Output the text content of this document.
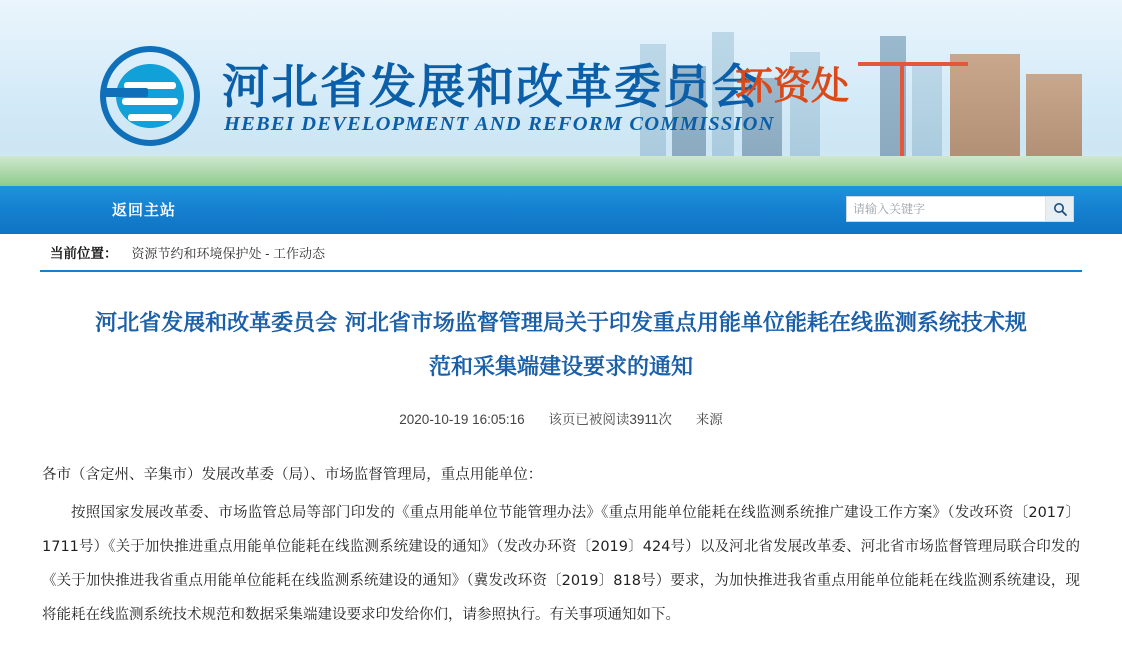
河北省发展和改革委员会
环资处
HEBEI DEVELOPMENT AND REFORM COMMISSION
返回主站
请输入关键字
当前位置： 资源节约和环境保护处 - 工作动态
河北省发展和改革委员会 河北省市场监督管理局关于印发重点用能单位能耗在线监测系统技术规范和采集端建设要求的通知
2020-10-19 16:05:16 该页已被阅读3911次 来源

各市（含定州、辛集市）发展改革委（局）、市场监督管理局，重点用能单位：

按照国家发展改革委、市场监管总局等部门印发的《重点用能单位节能管理办法》《重点用能单位能耗在线监测系统推广建设工作方案》（发改环资〔2017〕1711号）《关于加快推进重点用能单位能耗在线监测系统建设的通知》（发改办环资〔2019〕424号）以及河北省发展改革委、河北省市场监督管理局联合印发的《关于加快推进我省重点用能单位能耗在线监测系统建设的通知》（冀发改环资〔2019〕818号）要求，为加快推进我省重点用能单位能耗在线监测系统建设，现将能耗在线监测系统技术规范和数据采集端建设要求印发给你们，请参照执行。有关事项通知如下。
